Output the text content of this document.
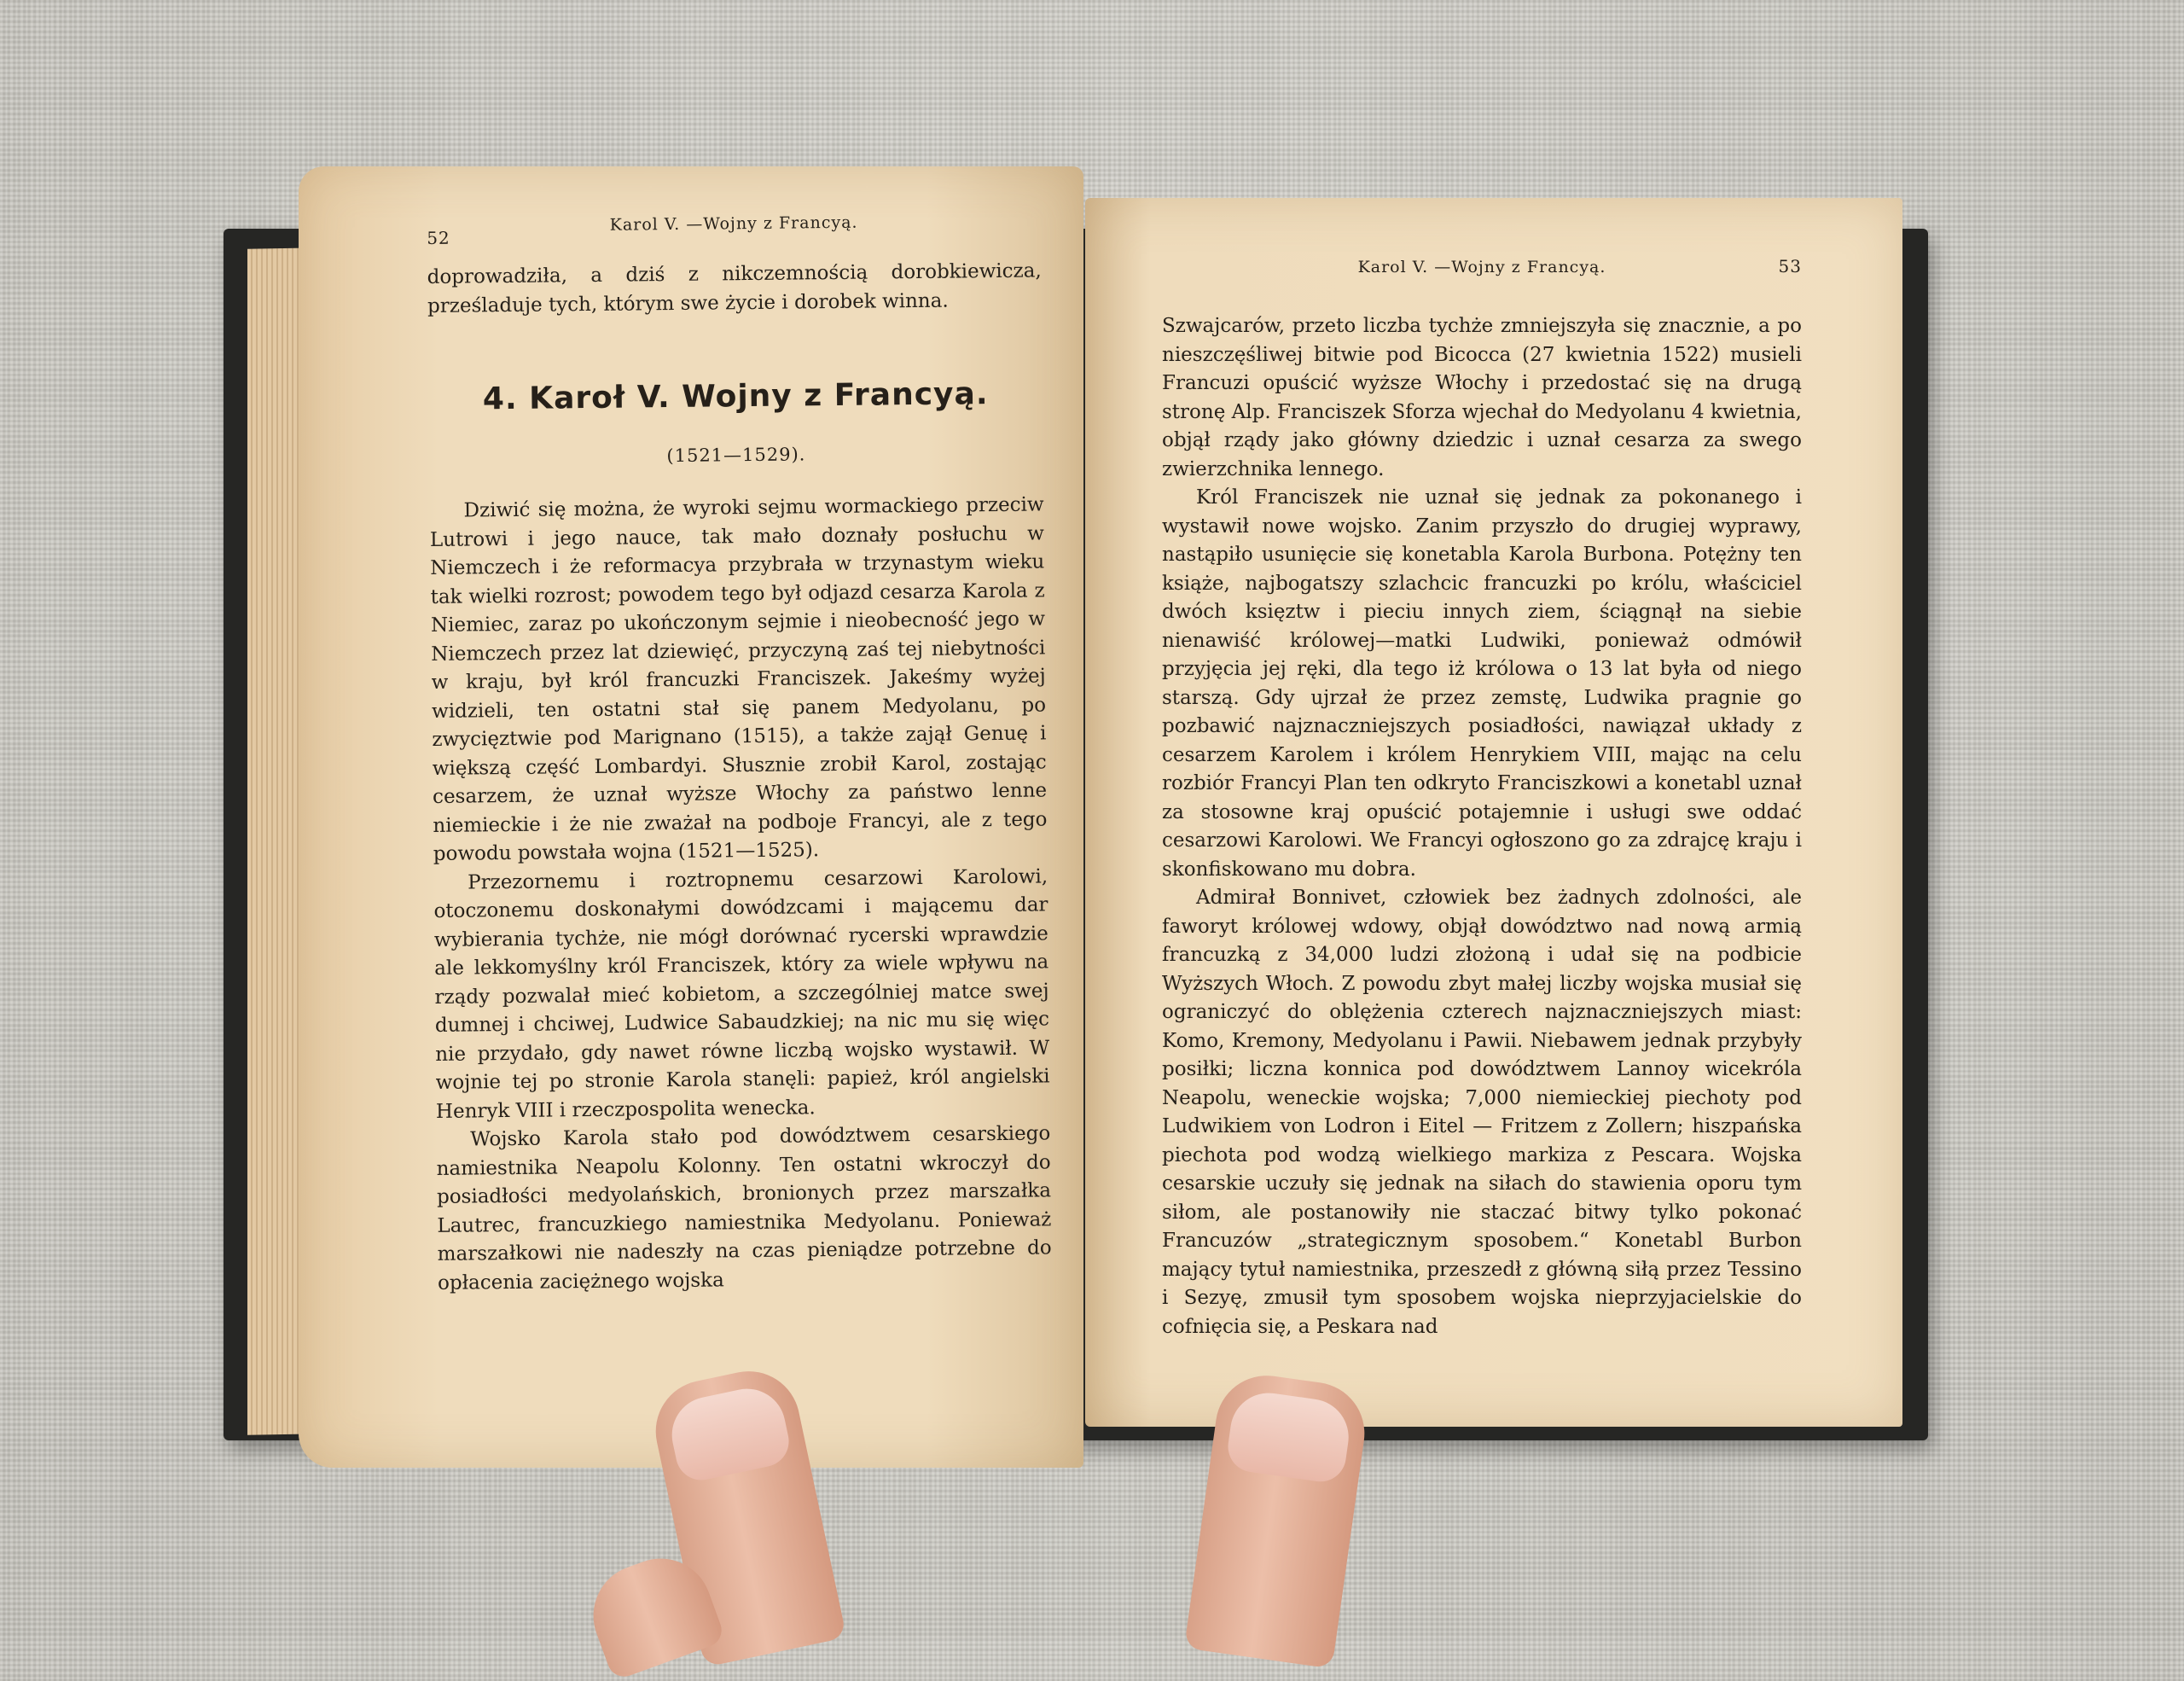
52
Karol V. —Wojny z Francyą.

doprowadziła, a dziś z nikczemnością dorobkiewicza, prześladuje tych, którym swe życie i dorobek winna.

4. Karoł V. Wojny z Francyą.
(1521—1529).

Dziwić się można, że wyroki sejmu wormackiego przeciw Lutrowi i jego nauce, tak mało doznały posłuchu w Niemczech i że reformacya przybrała w trzynastym wieku tak wielki rozrost; powodem tego był odjazd cesarza Karola z Niemiec, zaraz po ukończonym sejmie i nieobecność jego w Niemczech przez lat dziewięć, przyczyną zaś tej niebytności w kraju, był król francuzki Franciszek. Jakeśmy wyżej widzieli, ten ostatni stał się panem Medyolanu, po zwycięztwie pod Marignano (1515), a także zajął Genuę i większą część Lombardyi. Słusznie zrobił Karol, zostając cesarzem, że uznał wyższe Włochy za państwo lenne niemieckie i że nie zważał na podboje Francyi, ale z tego powodu powstała wojna (1521—1525).

Przezornemu i roztropnemu cesarzowi Karolowi, otoczonemu doskonałymi dowódzcami i mającemu dar wybierania tychże, nie mógł dorównać rycerski wprawdzie ale lekkomyślny król Franciszek, który za wiele wpływu na rządy pozwalał mieć kobietom, a szczególniej matce swej dumnej i chciwej, Ludwice Sabaudzkiej; na nic mu się więc nie przydało, gdy nawet równe liczbą wojsko wystawił. W wojnie tej po stronie Karola stanęli: papież, król angielski Henryk VIII i rzeczpospolita wenecka.

Wojsko Karola stało pod dowództwem cesarskiego namiestnika Neapolu Kolonny. Ten ostatni wkroczył do posiadłości medyolańskich, bronionych przez marszałka Lautrec, francuzkiego namiestnika Medyolanu. Ponieważ marszałkowi nie nadeszły na czas pieniądze potrzebne do opłacenia zaciężnego wojska

Karol V. —Wojny z Francyą.	53

Szwajcarów, przeto liczba tychże zmniejszyła się znacznie, a po nieszczęśliwej bitwie pod Bicocca (27 kwietnia 1522) musieli Francuzi opuścić wyższe Włochy i przedostać się na drugą stronę Alp. Franciszek Sforza wjechał do Medyolanu 4 kwietnia, objął rządy jako główny dziedzic i uznał cesarza za swego zwierzchnika lennego.

Król Franciszek nie uznał się jednak za pokonanego i wystawił nowe wojsko. Zanim przyszło do drugiej wyprawy, nastąpiło usunięcie się konetabla Karola Burbona. Potężny ten książe, najbogatszy szlachcic francuzki po królu, właściciel dwóch księztw i pieciu innych ziem, ściągnął na siebie nienawiść królowej—matki Ludwiki, ponieważ odmówił przyjęcia jej ręki, dla tego iż królowa o 13 lat była od niego starszą. Gdy ujrzał że przez zemstę, Ludwika pragnie go pozbawić najznaczniejszych posiadłości, nawiązał układy z cesarzem Karolem i królem Henrykiem VIII, mając na celu rozbiór Francyi Plan ten odkryto Franciszkowi a konetabl uznał za stosowne kraj opuścić potajemnie i usługi swe oddać cesarzowi Karolowi. We Francyi ogłoszono go za zdrajcę kraju i skonfiskowano mu dobra.

Admirał Bonnivet, człowiek bez żadnych zdolności, ale faworyt królowej wdowy, objął dowództwo nad nową armią francuzką z 34,000 ludzi złożoną i udał się na podbicie Wyższych Włoch. Z powodu zbyt małej liczby wojska musiał się ograniczyć do oblężenia czterech najznaczniejszych miast: Komo, Kremony, Medyolanu i Pawii. Niebawem jednak przybyły posiłki; liczna konnica pod dowództwem Lannoy wicekróla Neapolu, weneckie wojska; 7,000 niemieckiej piechoty pod Ludwikiem von Lodron i Eitel — Fritzem z Zollern; hiszpańska piechota pod wodzą wielkiego markiza z Pescara. Wojska cesarskie uczuły się jednak na siłach do stawienia oporu tym siłom, ale postanowiły nie staczać bitwy tylko pokonać Francuzów „strategicznym sposobem.“ Konetabl Burbon mający tytuł namiestnika, przeszedł z główną siłą przez Tessino i Sezyę, zmusił tym sposobem wojska nieprzyjacielskie do cofnięcia się, a Peskara nad
